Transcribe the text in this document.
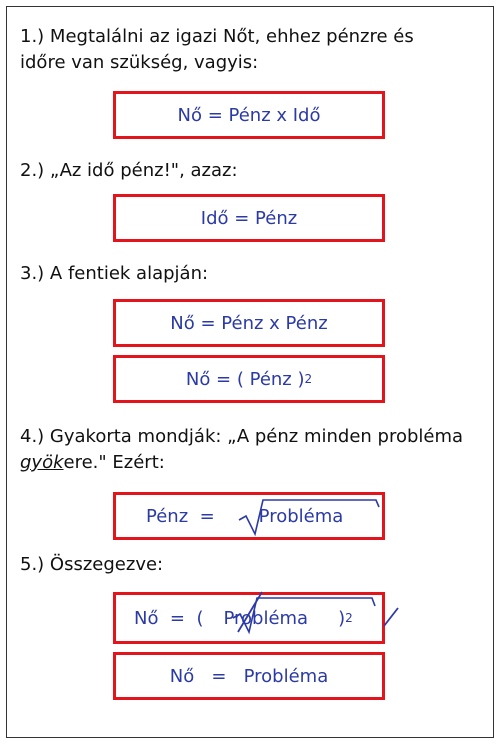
1.) Megtalálni az igazi Nőt, ehhez pénzre és
időre van szükség, vagyis:
Nő = Pénz x Idő
2.) „Az idő pénz!", azaz:
Idő = Pénz
3.) A fentiek alapján:
Nő = Pénz x Pénz
Nő = ( Pénz ) 2
4.) Gyakorta mondják: „A pénz minden probléma
gyökere." Ezért:
Pénz  = Probléma
5.) Összegezve:
Nő  =  ( Probléma ) 2
Nő   =   Probléma
